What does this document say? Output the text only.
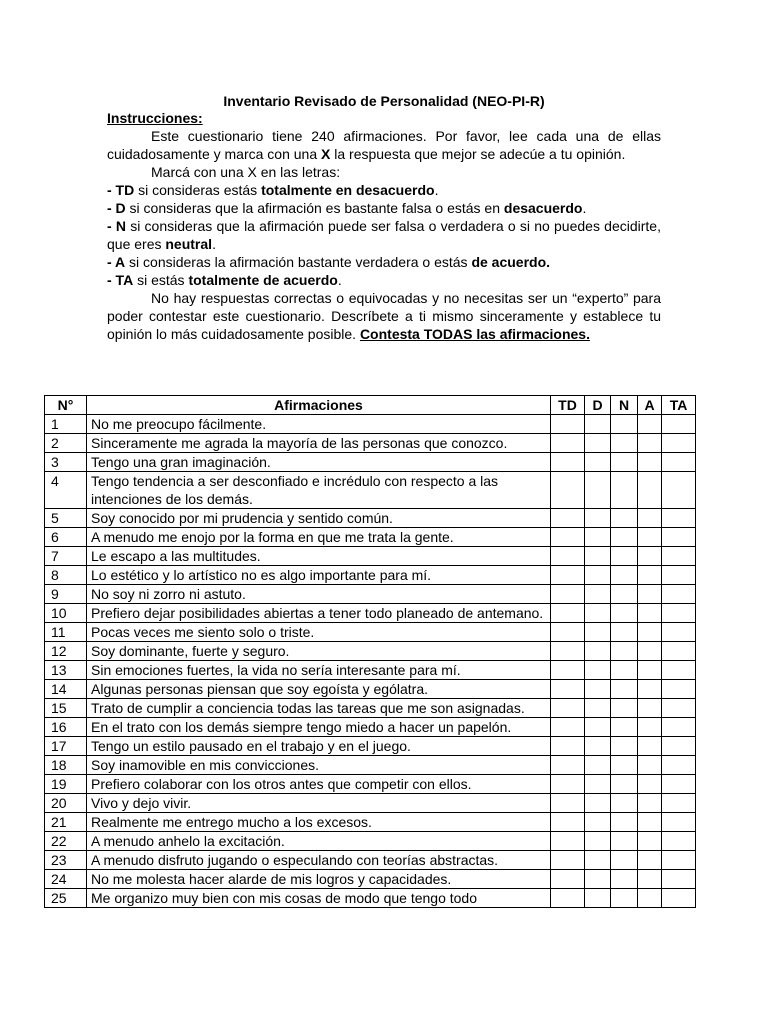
Inventario Revisado de Personalidad (NEO-PI-R)

Instrucciones:

Este cuestionario tiene 240 afirmaciones. Por favor, lee cada una de ellas cuidadosamente y marca con una X la respuesta que mejor se adecúe a tu opinión.

Marcá con una X en las letras:

- TD si consideras estás totalmente en desacuerdo.

- D si consideras que la afirmación es bastante falsa o estás en desacuerdo.

- N si consideras que la afirmación puede ser falsa o verdadera o si no puedes decidirte, que eres neutral.

- A si consideras la afirmación bastante verdadera o estás de acuerdo.

- TA si estás totalmente de acuerdo.

No hay respuestas correctas o equivocadas y no necesitas ser un “experto” para poder contestar este cuestionario. Descríbete a ti mismo sinceramente y establece tu opinión lo más cuidadosamente posible. Contesta TODAS las afirmaciones.

N°	Afirmaciones	TD	D	N	A	TA
1	No me preocupo fácilmente.					
2	Sinceramente me agrada la mayoría de las personas que conozco.					
3	Tengo una gran imaginación.					
4	Tengo tendencia a ser desconfiado e incrédulo con respecto a las intenciones de los demás.					
5	Soy conocido por mi prudencia y sentido común.					
6	A menudo me enojo por la forma en que me trata la gente.					
7	Le escapo a las multitudes.					
8	Lo estético y lo artístico no es algo importante para mí.					
9	No soy ni zorro ni astuto.					
10	Prefiero dejar posibilidades abiertas a tener todo planeado de antemano.					
11	Pocas veces me siento solo o triste.					
12	Soy dominante, fuerte y seguro.					
13	Sin emociones fuertes, la vida no sería interesante para mí.					
14	Algunas personas piensan que soy egoísta y ególatra.					
15	Trato de cumplir a conciencia todas las tareas que me son asignadas.					
16	En el trato con los demás siempre tengo miedo a hacer un papelón.					
17	Tengo un estilo pausado en el trabajo y en el juego.					
18	Soy inamovible en mis convicciones.					
19	Prefiero colaborar con los otros antes que competir con ellos.					
20	Vivo y dejo vivir.					
21	Realmente me entrego mucho a los excesos.					
22	A menudo anhelo la excitación.					
23	A menudo disfruto jugando o especulando con teorías abstractas.					
24	No me molesta hacer alarde de mis logros y capacidades.					
25	Me organizo muy bien con mis cosas de modo que tengo todo					
